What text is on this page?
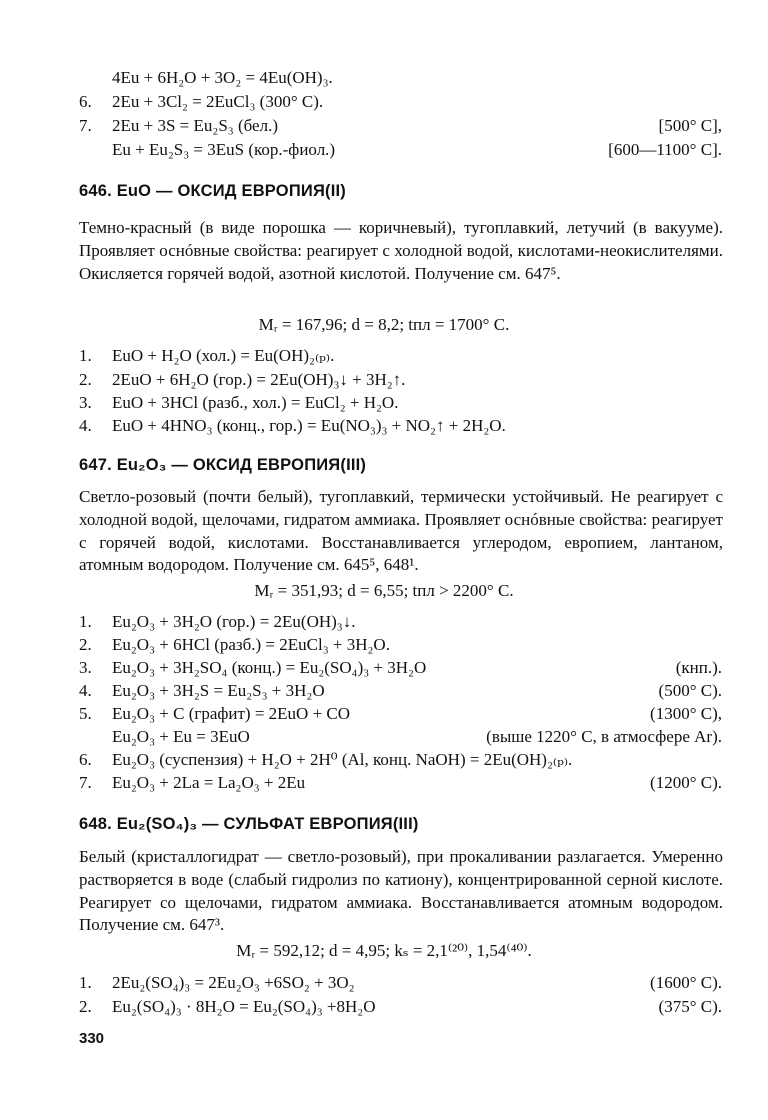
4Eu + 6H₂O + 3O₂ = 4Eu(OH)₃.
6.	2Eu + 3Cl₂ = 2EuCl₃ (300° C).
7.	2Eu + 3S = Eu₂S₃ (бел.)	[500° C],
Eu + Eu₂S₃ = 3EuS (кор.-фиол.)	[600—1100° C].
646. EuO — ОКСИД ЕВРОПИЯ(II)
Темно-красный (в виде порошка — коричневый), тугоплавкий, летучий (в вакууме). Проявляет оснóвные свойства: реагирует с холодной водой, кислотами-неокислителями. Окисляется горячей водой, азотной кислотой. Получение см. 647⁵.
Mᵣ = 167,96; d = 8,2; tпл = 1700° C.
1.	EuO + H₂O (хол.) = Eu(OH)₂₍ₚ₎.
2.	2EuO + 6H₂O (гор.) = 2Eu(OH)₃↓ + 3H₂↑.
3.	EuO + 3HCl (разб., хол.) = EuCl₂ + H₂O.
4.	EuO + 4HNO₃ (конц., гор.) = Eu(NO₃)₃ + NO₂↑ + 2H₂O.
647. Eu₂O₃ — ОКСИД ЕВРОПИЯ(III)
Светло-розовый (почти белый), тугоплавкий, термически устойчивый. Не реагирует с холодной водой, щелочами, гидратом аммиака. Проявляет оснóвные свойства: реагирует с горячей водой, кислотами. Восстанавливается углеродом, европием, лантаном, атомным водородом. Получение см. 645⁵, 648¹.
Mᵣ = 351,93; d = 6,55; tпл > 2200° C.
1.	Eu₂O₃ + 3H₂O (гор.) = 2Eu(OH)₃↓.
2.	Eu₂O₃ + 6HCl (разб.) = 2EuCl₃ + 3H₂O.
3.	Eu₂O₃ + 3H₂SO₄ (конц.) = Eu₂(SO₄)₃ + 3H₂O	(кнп.).
4.	Eu₂O₃ + 3H₂S = Eu₂S₃ + 3H₂O	(500° C).
5.	Eu₂O₃ + C (графит) = 2EuO + CO	(1300° C),
Eu₂O₃ + Eu = 3EuO	(выше 1220° C, в атмосфере Ar).
6.	Eu₂O₃ (суспензия) + H₂O + 2H⁰ (Al, конц. NaOH) = 2Eu(OH)₂₍ₚ₎.
7.	Eu₂O₃ + 2La = La₂O₃ + 2Eu	(1200° C).
648. Eu₂(SO₄)₃ — СУЛЬФАТ ЕВРОПИЯ(III)
Белый (кристаллогидрат — светло-розовый), при прокаливании разлагается. Умеренно растворяется в воде (слабый гидролиз по катиону), концентрированной серной кислоте. Реагирует со щелочами, гидратом аммиака. Восстанавливается атомным водородом. Получение см. 647³.
Mᵣ = 592,12; d = 4,95; kₛ = 2,1⁽²⁰⁾, 1,54⁽⁴⁰⁾.
1.	2Eu₂(SO₄)₃ = 2Eu₂O₃ +6SO₂ + 3O₂	(1600° C).
2.	Eu₂(SO₄)₃ · 8H₂O = Eu₂(SO₄)₃ +8H₂O	(375° C).
330
